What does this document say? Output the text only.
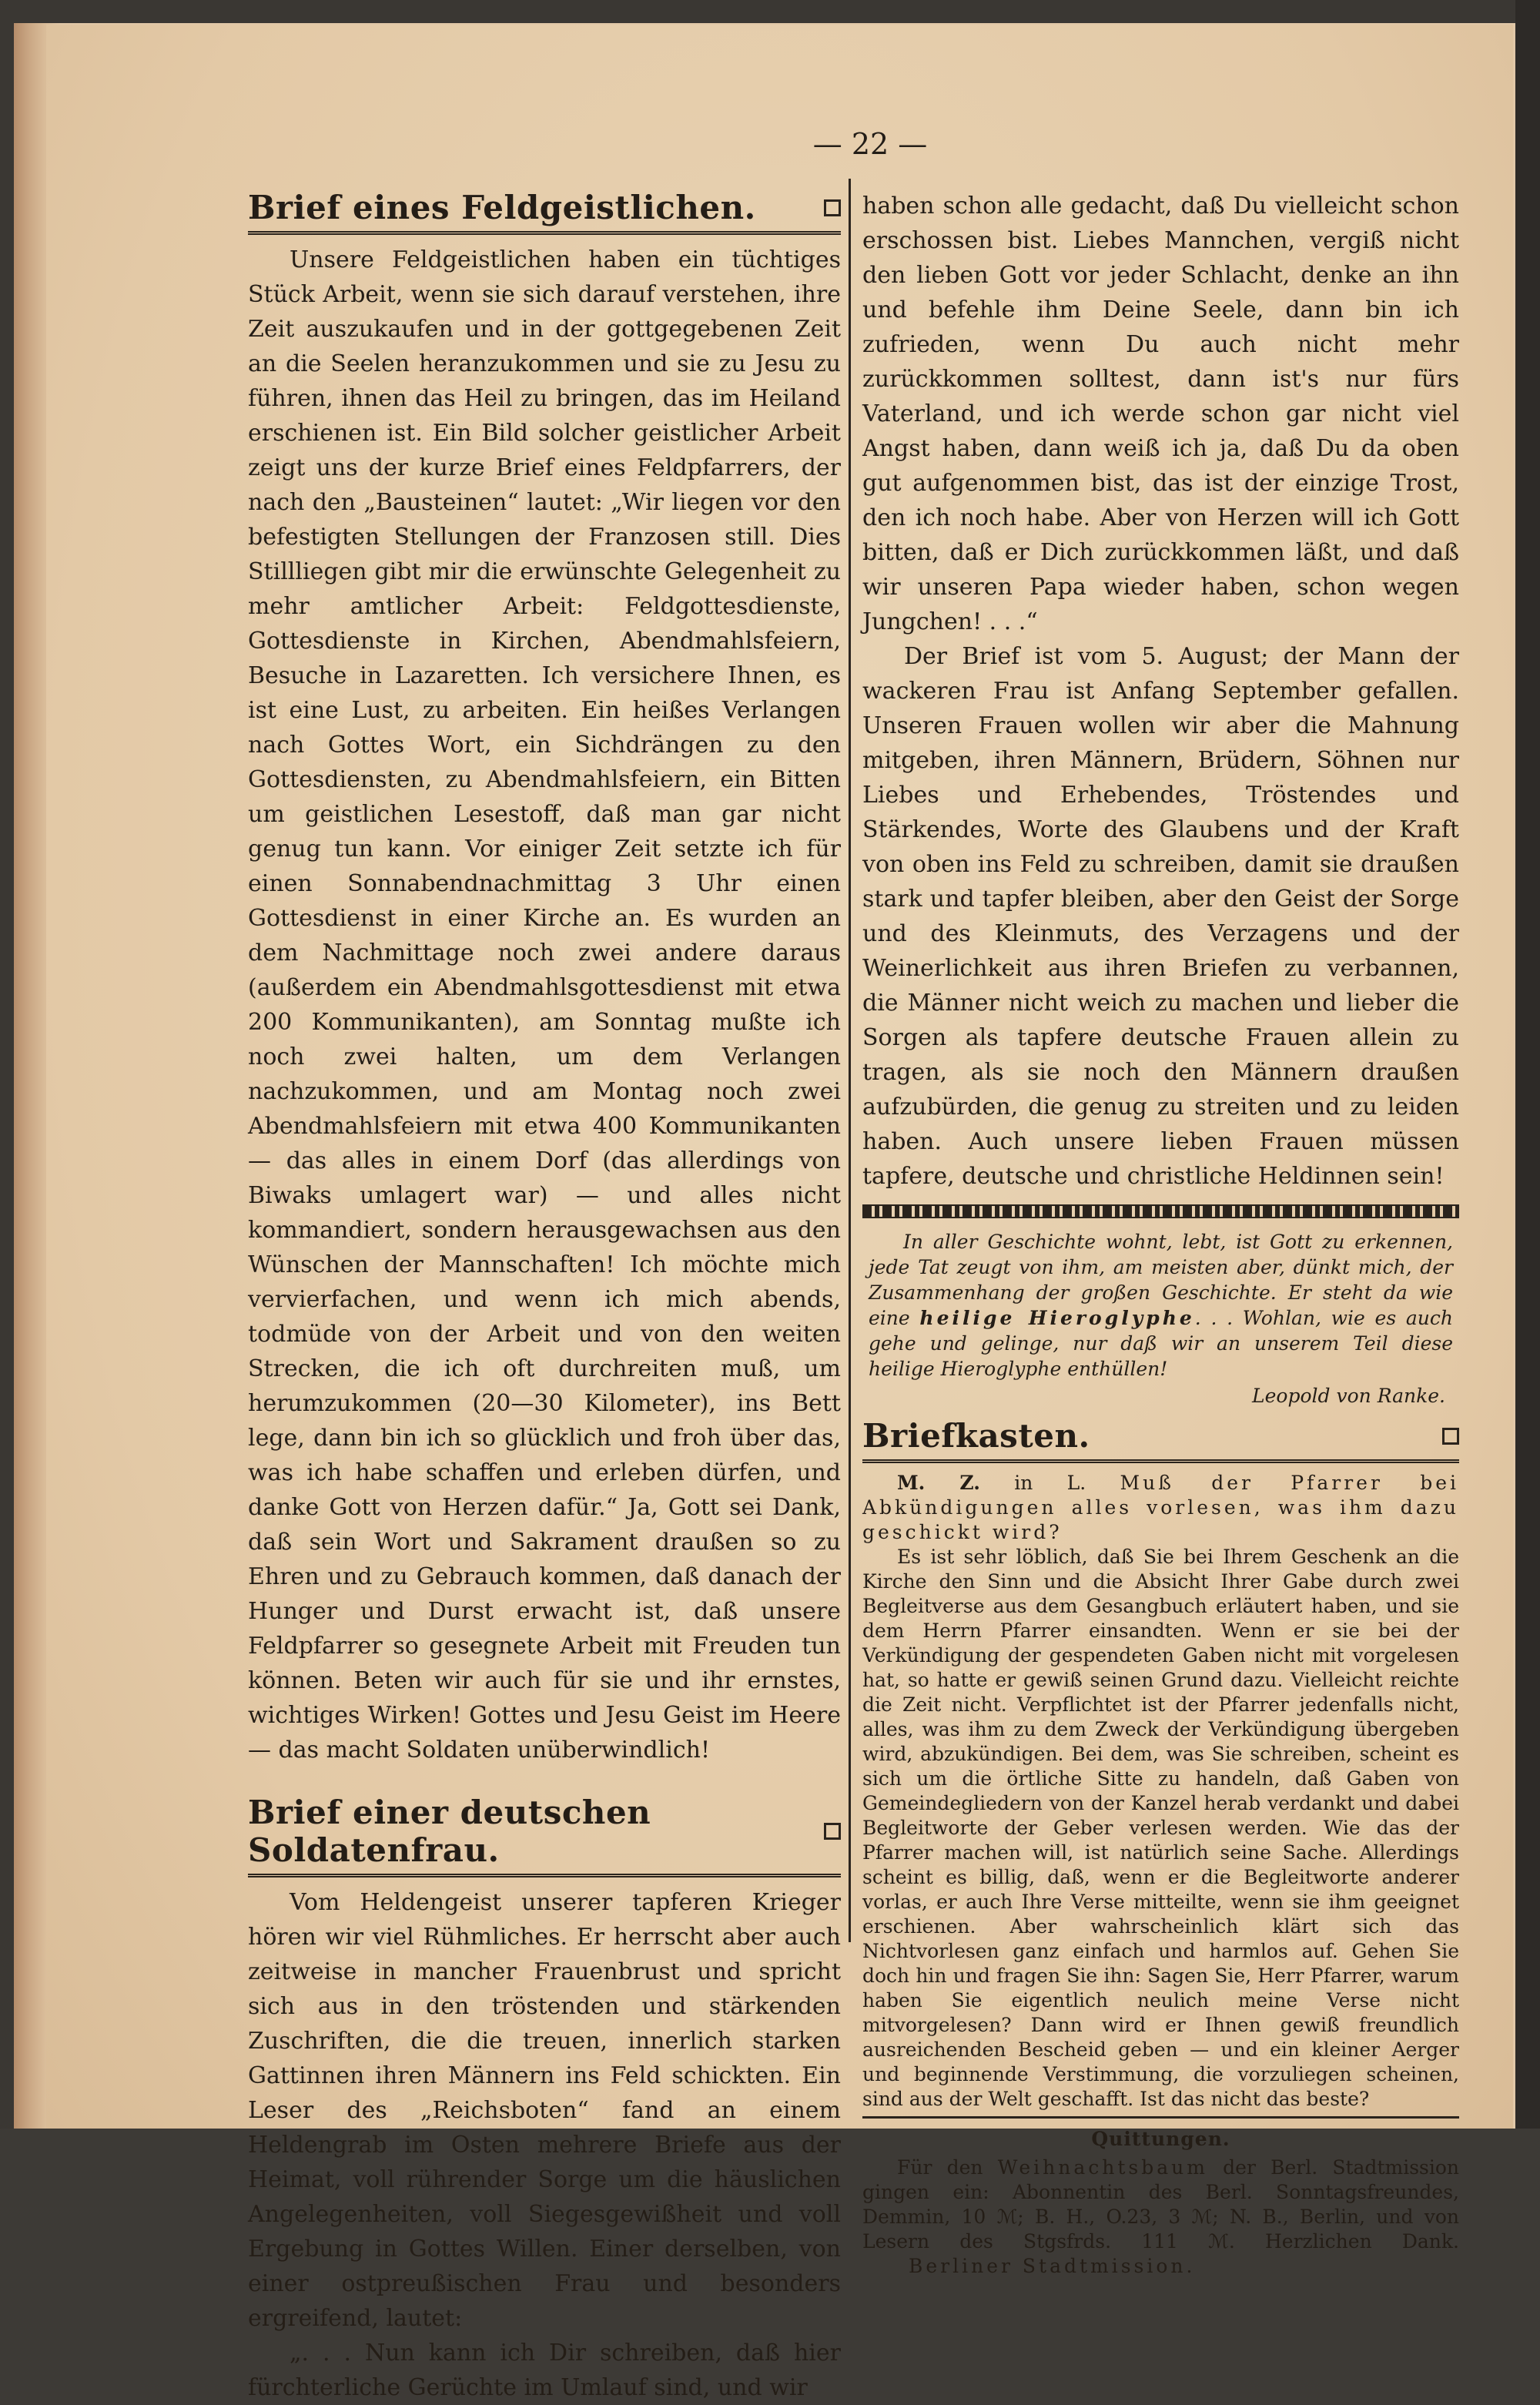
— 22 —
Brief eines Feldgeistlichen.

Unsere Feldgeistlichen haben ein tüchtiges Stück Arbeit, wenn sie sich darauf verstehen, ihre Zeit auszukaufen und in der gottgegebenen Zeit an die Seelen heranzukommen und sie zu Jesu zu führen, ihnen das Heil zu bringen, das im Heiland erschienen ist. Ein Bild solcher geistlicher Arbeit zeigt uns der kurze Brief eines Feldpfarrers, der nach den „Bausteinen“ lautet: „Wir liegen vor den befestigten Stellungen der Franzosen still. Dies Stillliegen gibt mir die erwünschte Gelegenheit zu mehr amtlicher Arbeit: Feldgottesdienste, Gottesdienste in Kirchen, Abendmahlsfeiern, Besuche in Lazaretten. Ich versichere Ihnen, es ist eine Lust, zu arbeiten. Ein heißes Verlangen nach Gottes Wort, ein Sichdrängen zu den Gottesdiensten, zu Abendmahlsfeiern, ein Bitten um geistlichen Lesestoff, daß man gar nicht genug tun kann. Vor einiger Zeit setzte ich für einen Sonnabendnachmittag 3 Uhr einen Gottesdienst in einer Kirche an. Es wurden an dem Nachmittage noch zwei andere daraus (außerdem ein Abendmahlsgottesdienst mit etwa 200 Kommunikanten), am Sonntag mußte ich noch zwei halten, um dem Verlangen nachzukommen, und am Montag noch zwei Abendmahlsfeiern mit etwa 400 Kommunikanten — das alles in einem Dorf (das allerdings von Biwaks umlagert war) — und alles nicht kommandiert, sondern herausgewachsen aus den Wünschen der Mannschaften! Ich möchte mich vervierfachen, und wenn ich mich abends, todmüde von der Arbeit und von den weiten Strecken, die ich oft durchreiten muß, um herumzukommen (20—30 Kilometer), ins Bett lege, dann bin ich so glücklich und froh über das, was ich habe schaffen und erleben dürfen, und danke Gott von Herzen dafür.“ Ja, Gott sei Dank, daß sein Wort und Sakrament draußen so zu Ehren und zu Gebrauch kommen, daß danach der Hunger und Durst erwacht ist, daß unsere Feldpfarrer so gesegnete Arbeit mit Freuden tun können. Beten wir auch für sie und ihr ernstes, wichtiges Wirken! Gottes und Jesu Geist im Heere — das macht Soldaten unüberwindlich!

Brief einer deutschen Soldatenfrau.

Vom Heldengeist unserer tapferen Krieger hören wir viel Rühmliches. Er herrscht aber auch zeitweise in mancher Frauenbrust und spricht sich aus in den tröstenden und stärkenden Zuschriften, die die treuen, innerlich starken Gattinnen ihren Männern ins Feld schickten. Ein Leser des „Reichsboten“ fand an einem Heldengrab im Osten mehrere Briefe aus der Heimat, voll rührender Sorge um die häuslichen Angelegenheiten, voll Siegesgewißheit und voll Ergebung in Gottes Willen. Einer derselben, von einer ostpreußischen Frau und besonders ergreifend, lautet:

„. . . Nun kann ich Dir schreiben, daß hier fürchterliche Gerüchte im Umlauf sind, und wir

haben schon alle gedacht, daß Du vielleicht schon erschossen bist. Liebes Mannchen, vergiß nicht den lieben Gott vor jeder Schlacht, denke an ihn und befehle ihm Deine Seele, dann bin ich zufrieden, wenn Du auch nicht mehr zurückkommen solltest, dann ist's nur fürs Vaterland, und ich werde schon gar nicht viel Angst haben, dann weiß ich ja, daß Du da oben gut aufgenommen bist, das ist der einzige Trost, den ich noch habe. Aber von Herzen will ich Gott bitten, daß er Dich zurückkommen läßt, und daß wir unseren Papa wieder haben, schon wegen Jungchen! . . .“

Der Brief ist vom 5. August; der Mann der wackeren Frau ist Anfang September gefallen. Unseren Frauen wollen wir aber die Mahnung mitgeben, ihren Männern, Brüdern, Söhnen nur Liebes und Erhebendes, Tröstendes und Stärkendes, Worte des Glaubens und der Kraft von oben ins Feld zu schreiben, damit sie draußen stark und tapfer bleiben, aber den Geist der Sorge und des Kleinmuts, des Verzagens und der Weinerlichkeit aus ihren Briefen zu verbannen, die Männer nicht weich zu machen und lieber die Sorgen als tapfere deutsche Frauen allein zu tragen, als sie noch den Männern draußen aufzubürden, die genug zu streiten und zu leiden haben. Auch unsere lieben Frauen müssen tapfere, deutsche und christliche Heldinnen sein!

In aller Geschichte wohnt, lebt, ist Gott zu erkennen, jede Tat zeugt von ihm, am meisten aber, dünkt mich, der Zusammenhang der großen Geschichte. Er steht da wie eine heilige Hieroglyphe. . . Wohlan, wie es auch gehe und gelinge, nur daß wir an unserem Teil diese heilige Hieroglyphe enthüllen!

Leopold von Ranke.
Briefkasten.

M. Z. in L. Muß der Pfarrer bei Abkündigungen alles vorlesen, was ihm dazu geschickt wird?

Es ist sehr löblich, daß Sie bei Ihrem Geschenk an die Kirche den Sinn und die Absicht Ihrer Gabe durch zwei Begleitverse aus dem Gesangbuch erläutert haben, und sie dem Herrn Pfarrer einsandten. Wenn er sie bei der Verkündigung der gespendeten Gaben nicht mit vorgelesen hat, so hatte er gewiß seinen Grund dazu. Vielleicht reichte die Zeit nicht. Verpflichtet ist der Pfarrer jedenfalls nicht, alles, was ihm zu dem Zweck der Verkündigung übergeben wird, abzukündigen. Bei dem, was Sie schreiben, scheint es sich um die örtliche Sitte zu handeln, daß Gaben von Gemeindegliedern von der Kanzel herab verdankt und dabei Begleitworte der Geber verlesen werden. Wie das der Pfarrer machen will, ist natürlich seine Sache. Allerdings scheint es billig, daß, wenn er die Begleitworte anderer vorlas, er auch Ihre Verse mitteilte, wenn sie ihm geeignet erschienen. Aber wahrscheinlich klärt sich das Nichtvorlesen ganz einfach und harmlos auf. Gehen Sie doch hin und fragen Sie ihn: Sagen Sie, Herr Pfarrer, warum haben Sie eigentlich neulich meine Verse nicht mitvorgelesen? Dann wird er Ihnen gewiß freundlich ausreichenden Bescheid geben — und ein kleiner Aerger und beginnende Verstimmung, die vorzuliegen scheinen, sind aus der Welt geschafft. Ist das nicht das beste?

Quittungen.

Für den Weihnachtsbaum der Berl. Stadtmission gingen ein: Abonnentin des Berl. Sonntagsfreundes, Demmin, 10 ℳ; B. H., O.23, 3 ℳ; N. B., Berlin, und von Lesern des Stgsfrds. 111 ℳ. Herzlichen Dank. Berliner Stadtmission.
